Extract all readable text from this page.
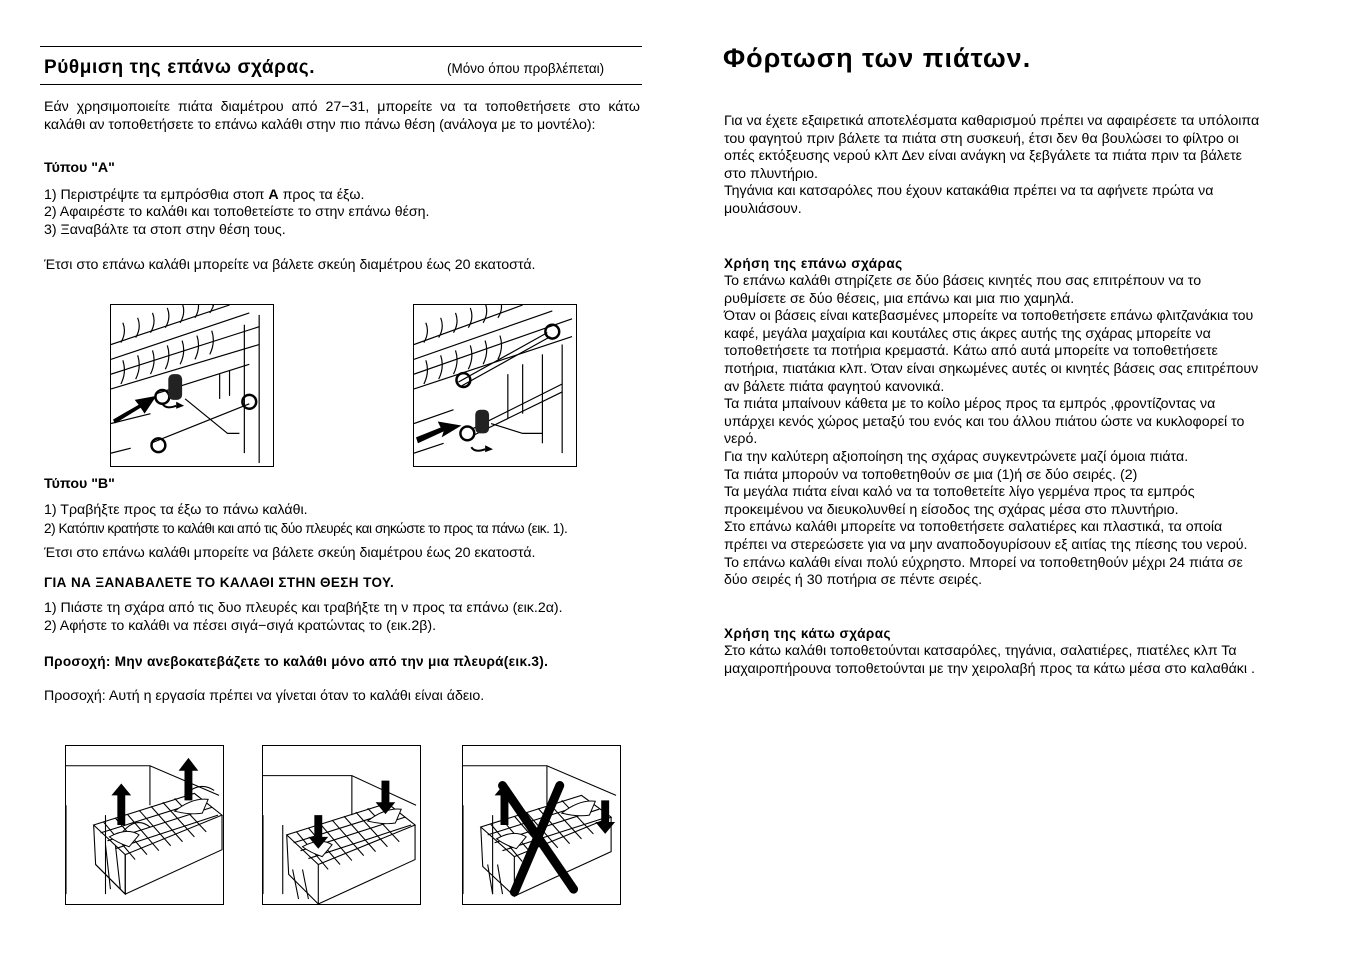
Ρύθμιση της επάνω σχάρας.	(Μόνο όπου προβλέπεται)
Εάν χρησιμοποιείτε πιάτα διαμέτρου από 27−31, μπορείτε να τα τοποθετήσετε στο κάτω καλάθι αν τοποθετήσετε το επάνω καλάθι στην πιο πάνω θέση (ανάλογα με το μοντέλο):
Τύπου "Α"
1) Περιστρέψτε τα εμπρόσθια στοπ A προς τα έξω.
2) Αφαιρέστε το καλάθι και τοποθετείστε το στην επάνω θέση.
3) Ξαναβάλτε τα στοπ στην θέση τους.
Έτσι στο επάνω καλάθι μπορείτε να βάλετε σκεύη διαμέτρου έως 20 εκατοστά.
Τύπου "B"
1) Τραβήξτε προς τα έξω το πάνω καλάθι.
2) Κατόπιν κρατήστε το καλάθι και από τις δύο πλευρές και σηκώστε το προς τα πάνω (εικ. 1).
Έτσι στο επάνω καλάθι μπορείτε να βάλετε σκεύη διαμέτρου έως 20 εκατοστά.
ΓΙΑ ΝΑ ΞΑΝΑΒΑΛΕΤΕ ΤΟ ΚΑΛΑΘΙ ΣΤΗΝ ΘΕΣΗ ΤΟΥ.
1) Πιάστε τη σχάρα από τις δυο πλευρές και τραβήξτε τη ν προς τα επάνω (εικ.2α).
2) Αφήστε το καλάθι να πέσει σιγά−σιγά κρατώντας το (εικ.2β).
Προσοχή: Μην ανεβοκατεβάζετε το καλάθι μόνο από την μια πλευρά(εικ.3).
Προσοχή: Αυτή η εργασία πρέπει να γίνεται όταν το καλάθι είναι άδειο.
Φόρτωση των πιάτων.
Για να έχετε εξαιρετικά αποτελέσματα καθαρισμού πρέπει να αφαιρέσετε τα υπόλοιπα
του φαγητού πριν βάλετε τα πιάτα στη συσκευή, έτσι δεν θα βουλώσει το φίλτρο οι
οπές εκτόξευσης νερού κλπ Δεν είναι ανάγκη να ξεβγάλετε τα πιάτα πριν τα βάλετε
στο πλυντήριο.
Τηγάνια και κατσαρόλες που έχουν κατακάθια πρέπει να τα αφήνετε πρώτα να
μουλιάσουν.
Χρήση της επάνω σχάρας
Το επάνω καλάθι στηρίζετε σε δύο βάσεις κινητές που σας επιτρέπουν να το
ρυθμίσετε σε δύο θέσεις, μια επάνω και μια πιο χαμηλά.
Όταν οι βάσεις είναι κατεβασμένες μπορείτε να τοποθετήσετε επάνω φλιτζανάκια του
καφέ, μεγάλα μαχαίρια και κουτάλες στις άκρες αυτής της σχάρας μπορείτε να
τοποθετήσετε τα ποτήρια κρεμαστά. Κάτω από αυτά μπορείτε να τοποθετήσετε
ποτήρια, πιατάκια κλπ. Όταν είναι σηκωμένες αυτές οι κινητές βάσεις σας επιτρέπουν
αν βάλετε πιάτα φαγητού κανονικά.
Τα πιάτα μπαίνουν κάθετα με το κοίλο μέρος προς τα εμπρός ,φροντίζοντας να
υπάρχει κενός χώρος μεταξύ του ενός και του άλλου πιάτου ώστε να κυκλοφορεί το
νερό.
Για την καλύτερη αξιοποίηση της σχάρας συγκεντρώνετε μαζί όμοια πιάτα.
Τα πιάτα μπορούν να τοποθετηθούν σε μια (1)ή σε δύο σειρές. (2)
Τα μεγάλα πιάτα είναι καλό να τα τοποθετείτε λίγο γερμένα προς τα εμπρός
προκειμένου να διευκολυνθεί η είσοδος της σχάρας μέσα στο πλυντήριο.
Στο επάνω καλάθι μπορείτε να τοποθετήσετε σαλατιέρες και πλαστικά, τα οποία
πρέπει να στερεώσετε για να μην αναποδογυρίσουν εξ αιτίας της πίεσης του νερού.
Το επάνω καλάθι είναι πολύ εύχρηστο. Μπορεί να τοποθετηθούν μέχρι 24 πιάτα σε
δύο σειρές ή 30 ποτήρια σε πέντε σειρές.
Χρήση της κάτω σχάρας
Στο κάτω καλάθι τοποθετούνται κατσαρόλες, τηγάνια, σαλατιέρες, πιατέλες κλπ Τα
μαχαιροπήρουνα τοποθετούνται με την χειρολαβή προς τα κάτω μέσα στο καλαθάκι .
